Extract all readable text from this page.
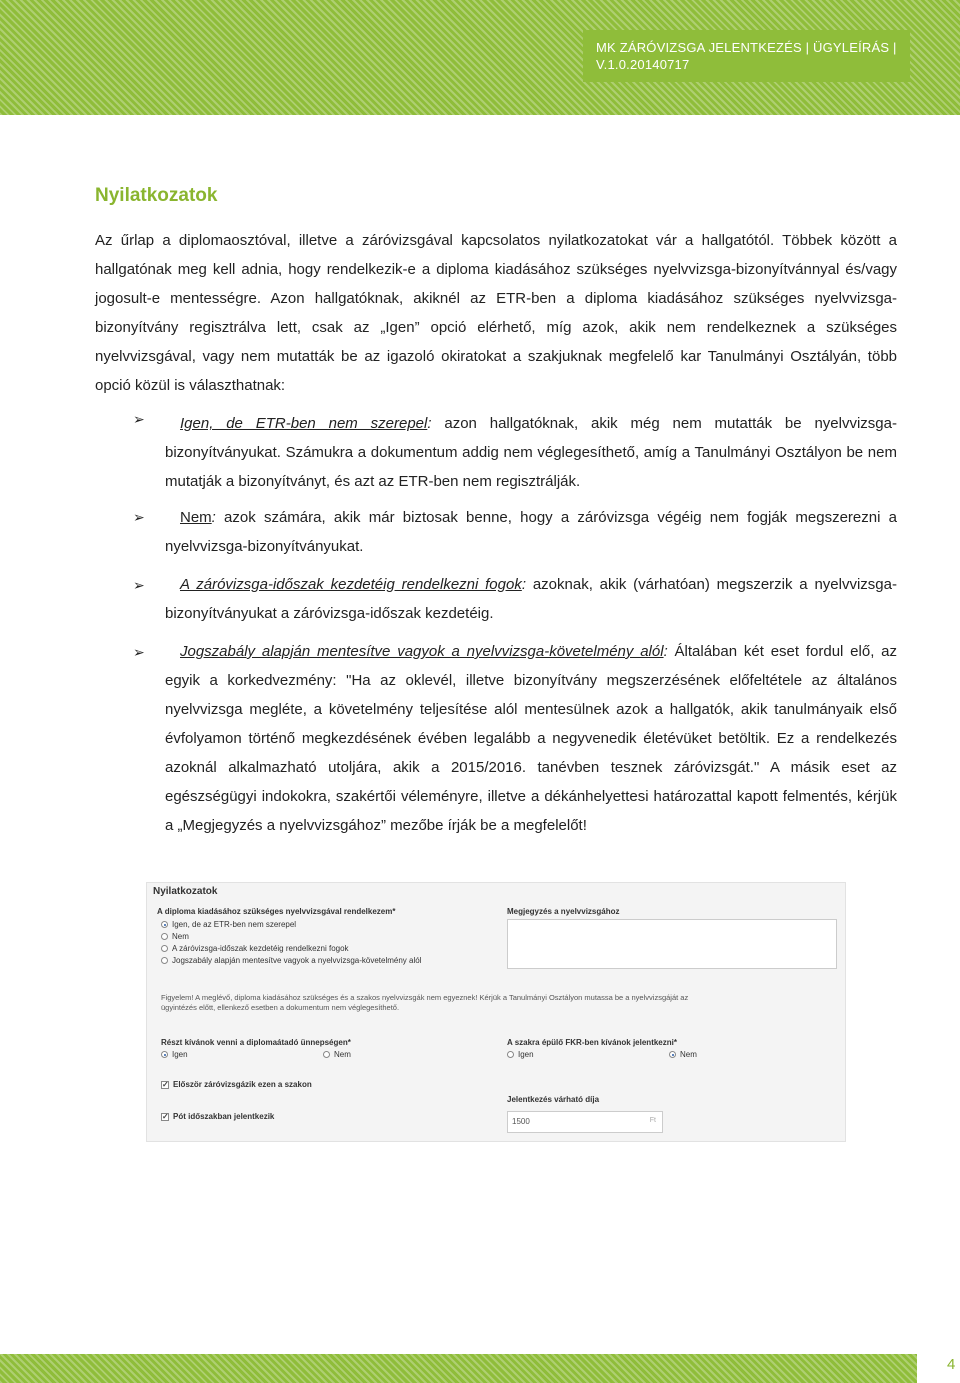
MK ZÁRÓVIZSGA JELENTKEZÉS | ÜGYLEÍRÁS |
V.1.0.20140717
Nyilatkozatok

Az űrlap a diplomaosztóval, illetve a záróvizsgával kapcsolatos nyilatkozatokat vár a hallgatótól. Többek között a hallgatónak meg kell adnia, hogy rendelkezik-e a diploma kiadásához szükséges nyelvvizsga-bizonyítvánnyal és/vagy jogosult-e mentességre. Azon hallgatóknak, akiknél az ETR-ben a diploma kiadásához szükséges nyelvvizsga-bizonyítvány regisztrálva lett, csak az „Igen” opció elérhető, míg azok, akik nem rendelkeznek a szükséges nyelvvizsgával, vagy nem mutatták be az igazoló okiratokat a szakjuknak megfelelő kar Tanulmányi Osztályán, több opció közül is választhatnak:

➢	Igen, de ETR-ben nem szerepel: azon hallgatóknak, akik még nem mutatták be nyelvvizsga-bizonyítványukat. Számukra a dokumentum addig nem véglegesíthető, amíg a Tanulmányi Osztályon be nem mutatják a bizonyítványt, és azt az ETR-ben nem regisztrálják.

➢	Nem: azok számára, akik már biztosak benne, hogy a záróvizsga végéig nem fogják megszerezni a nyelvvizsga-bizonyítványukat.

➢	A záróvizsga-időszak kezdetéig rendelkezni fogok: azoknak, akik (várhatóan) megszerzik a nyelvvizsga-bizonyítványukat a záróvizsga-időszak kezdetéig.

➢	Jogszabály alapján mentesítve vagyok a nyelvvizsga-követelmény alól: Általában két eset fordul elő, az egyik a korkedvezmény: "Ha az oklevél, illetve bizonyítvány megszerzésének előfeltétele az általános nyelvvizsga megléte, a követelmény teljesítése alól mentesülnek azok a hallgatók, akik tanulmányaik első évfolyamon történő megkezdésének évében legalább a negyvenedik életévüket betöltik. Ez a rendelkezés azoknál alkalmazható utoljára, akik a 2015/2016. tanévben tesznek záróvizsgát." A másik eset az egészségügyi indokokra, szakértői véleményre, illetve a dékánhelyettesi határozattal kapott felmentés, kérjük a „Megjegyzés a nyelvvizsgához” mezőbe írják be a megfelelőt!

Nyilatkozatok
A diploma kiadásához szükséges nyelvvizsgával rendelkezem*
Igen, de az ETR-ben nem szerepel
Nem
A záróvizsga-időszak kezdetéig rendelkezni fogok
Jogszabály alapján mentesítve vagyok a nyelvvizsga-követelmény alól
Megjegyzés a nyelvvizsgához
Figyelem! A meglévő, diploma kiadásához szükséges és a szakos nyelvvizsgák nem egyeznek! Kérjük a Tanulmányi Osztályon mutassa be a nyelvvizsgáját az ügyintézés előtt, ellenkező esetben a dokumentum nem véglegesíthető.
Részt kívánok venni a diplomaátadó ünnepségen*
Igen	Nem
A szakra épülő FKR-ben kívánok jelentkezni*
Igen	Nem
✓ Először záróvizsgázik ezen a szakon
✓ Pót időszakban jelentkezik
Jelentkezés várható díja
1500	Ft
4
